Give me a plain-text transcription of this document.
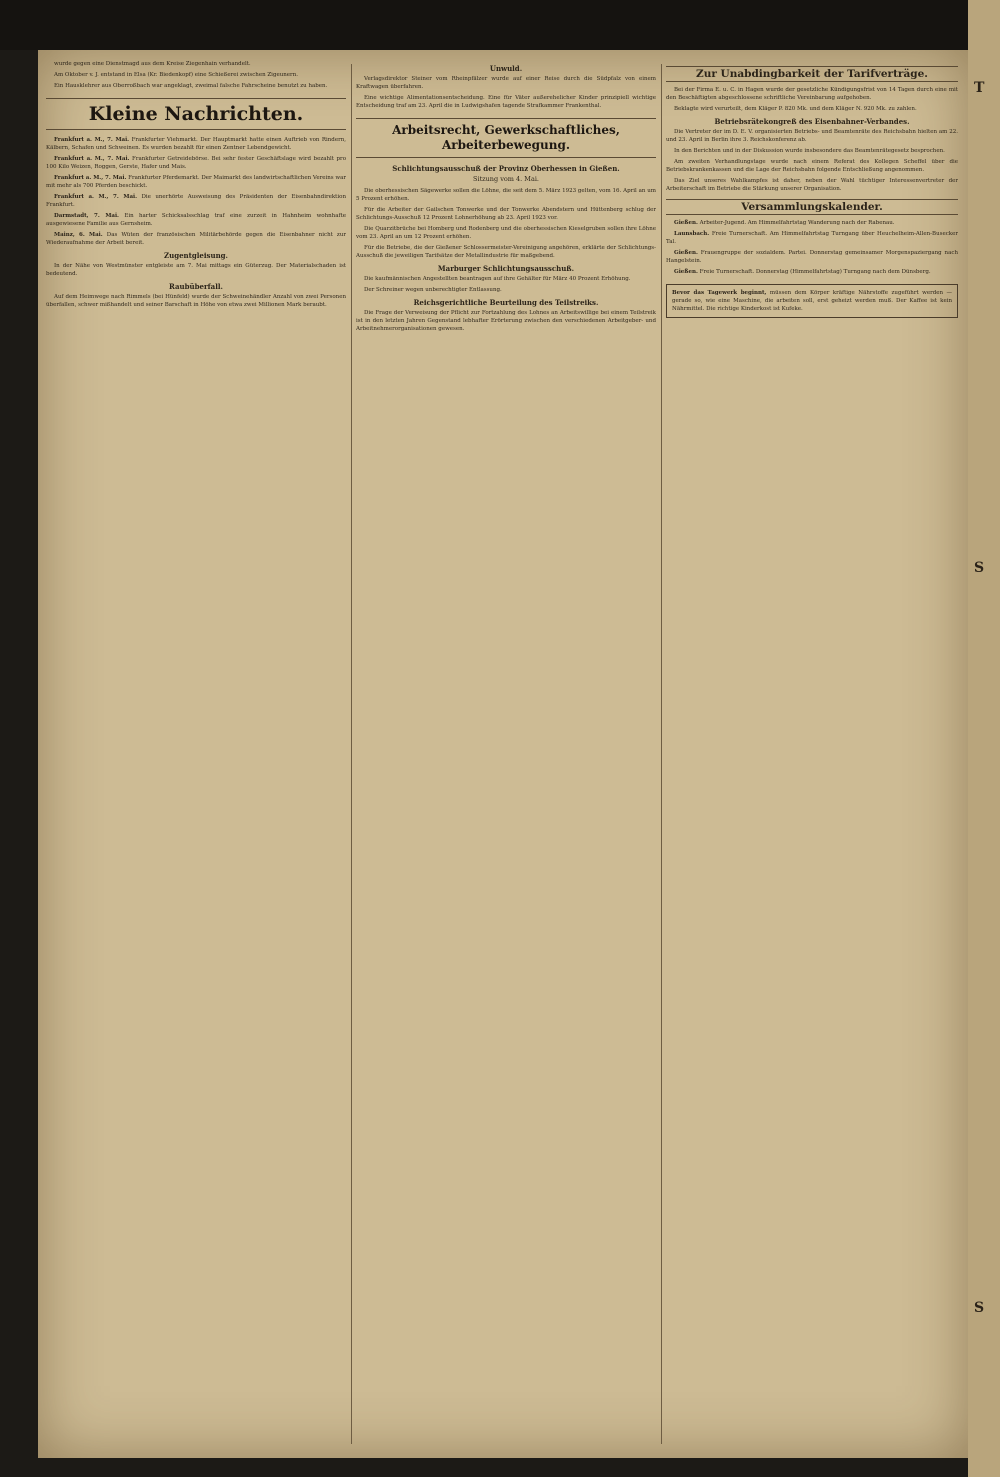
wurde gegen eine Dienstmagd aus dem Kreise Ziegenhain verhandelt.

Am Oktober v. J. entstand in Elsa (Kr. Biedenkopf) eine Schießerei zwischen Zigeunern.

Ein Hausklehrer aus Oberroßbach war angeklagt, zweimal falsche Fahrscheine benutzt zu haben.

Kleine Nachrichten.

Frankfurt a. M., 7. Mai. Frankfurter Viehmarkt. Der Hauptmarkt hatte einen Auftrieb von Rindern, Kälbern, Schafen und Schweinen. Es wurden bezahlt für einen Zentner Lebendgewicht.

Frankfurt a. M., 7. Mai. Frankfurter Getreidebörse. Bei sehr fester Geschäftslage wird bezahlt pro 100 Kilo Weizen, Roggen, Gerste, Hafer und Mais.

Frankfurt a. M., 7. Mai. Frankfurter Pferdemarkt. Der Maimarkt des landwirtschaftlichen Vereins war mit mehr als 700 Pferden beschickt.

Frankfurt a. M., 7. Mai. Die unerhörte Ausweisung des Präsidenten der Eisenbahndirektion Frankfurt.

Darmstadt, 7. Mai. Ein harter Schicksalsschlag traf eine zurzeit in Hahnheim wohnhafte ausgewiesene Familie aus Gernsheim.

Mainz, 6. Mai. Das Wüten der französischen Militärbehörde gegen die Eisenbahner nicht zur Wiederaufnahme der Arbeit bereit.

Zugentgleisung.

In der Nähe von Westmünster entgleiste am 7. Mai mittags ein Güterzug. Der Materialschaden ist bedeutend.

Raubüberfall.

Auf dem Heimwege nach Rimmels (bei Hünfeld) wurde der Schweinehändler Anzahl von zwei Personen überfallen, schwer mißhandelt und seiner Barschaft in Höhe von etwa zwei Millionen Mark beraubt.

Unwuld.

Verlagsdirektor Steiner vom Rheinpfälzer wurde auf einer Reise durch die Südpfalz von einem Kraftwagen überfahren.

Eine wichtige Alimentationsentscheidung. Eine für Väter außerehelicher Kinder prinzipiell wichtige Entscheidung traf am 23. April die in Ludwigshafen tagende Strafkammer Frankenthal.

Arbeitsrecht, Gewerkschaftliches, Arbeiterbewegung.
Schlichtungsausschuß der Provinz Oberhessen in Gießen.
Sitzung vom 4. Mai.

Die oberhessischen Sägewerke sollen die Löhne, die seit dem 5. März 1923 gelten, vom 16. April an um 5 Prozent erhöhen.

Für die Arbeiter der Gailschen Tonwerke und der Tonwerke Abendstern und Hüttenberg schlug der Schlichtungs-Ausschuß 12 Prozent Lohnerhöhung ab 23. April 1923 vor.

Die Quarzitbrüche bei Homberg und Rodenberg und die oberhessischen Kieselgruben sollen ihre Löhne vom 23. April an um 12 Prozent erhöhen.

Für die Betriebe, die der Gießener Schlossermeister-Vereinigung angehören, erklärte der Schlichtungs-Ausschuß die jeweiligen Tarifsätze der Metallindustrie für maßgebend.

Marburger Schlichtungsausschuß.

Die kaufmännischen Angestellten beantragen auf ihre Gehälter für März 40 Prozent Erhöhung.

Der Schreiner wegen unberechtigter Entlassung.

Reichsgerichtliche Beurteilung des Teilstreiks.

Die Frage der Verweisung der Pflicht zur Fortzahlung des Lohnes an Arbeitswillige bei einem Teilstreik ist in den letzten Jahren Gegenstand lebhafter Erörterung zwischen den verschiedenen Arbeitgeber- und Arbeitnehmerorganisationen gewesen.

Zur Unabdingbarkeit der Tarifverträge.

Bei der Firma E. u. C. in Hagen wurde der gesetzliche Kündigungsfrist von 14 Tagen durch eine mit den Beschäftigten abgeschlossene schriftliche Vereinbarung aufgehoben.

Beklagte wird verurteilt, dem Kläger P. 820 Mk. und dem Kläger N. 920 Mk. zu zahlen.

Betriebsrätekongreß des Eisenbahner-Verbandes.

Die Vertreter der im D. E. V. organisierten Betriebs- und Beamtenräte des Reichsbahn hielten am 22. und 23. April in Berlin ihre 3. Reichskonferenz ab.

In den Berichten und in der Diskussion wurde insbesondere das Beamtenrätegesetz besprochen.

Am zweiten Verhandlungstage wurde nach einem Referat des Kollegen Scheffel über die Betriebskrankenkassen und die Lage der Reichsbahn folgende Entschließung angenommen.

Das Ziel unseres Wahlkampfes ist daher, neben der Wahl tüchtiger Interessenvertreter der Arbeiterschaft im Betriebe die Stärkung unserer Organisation.

Versammlungskalender.

Gießen. Arbeiter-Jugend. Am Himmelfahrtstag Wanderung nach der Rabenau.

Launsbach. Freie Turnerschaft. Am Himmelfahrtstag Turngang über Heuchelheim-Allen-Busecker Tal.

Gießen. Frauengruppe der sozialdem. Partei. Donnerstag gemeinsamer Morgenspaziergang nach Hangelstein.

Gießen. Freie Turnerschaft. Donnerstag (Himmelfahrtstag) Turngang nach dem Dünsberg.

Bevor das Tagewerk beginnt, müssen dem Körper kräftige Nährstoffe zugeführt werden — gerade so, wie eine Maschine, die arbeiten soll, erst geheizt werden muß. Der Kaffee ist kein Nährmittel. Die richtige Kinderkost ist Kufeke.
T
S
S
